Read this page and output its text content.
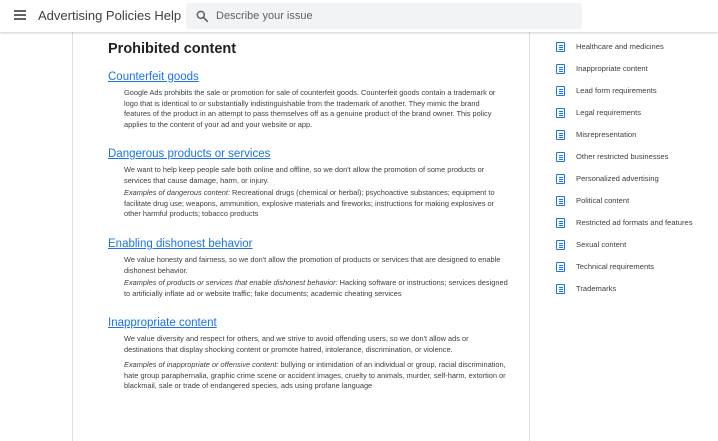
Advertising Policies Help
Describe your issue
Prohibited content
Counterfeit goods

Google Ads prohibits the sale or promotion for sale of counterfeit goods. Counterfeit goods contain a trademark or logo that is identical to or substantially indistinguishable from the trademark of another. They mimic the brand features of the product in an attempt to pass themselves off as a genuine product of the brand owner. This policy applies to the content of your ad and your website or app.

Dangerous products or services

We want to help keep people safe both online and offline, so we don't allow the promotion of some products or services that cause damage, harm, or injury.

Examples of dangerous content: Recreational drugs (chemical or herbal); psychoactive substances; equipment to facilitate drug use; weapons, ammunition, explosive materials and fireworks; instructions for making explosives or other harmful products; tobacco products

Enabling dishonest behavior

We value honesty and fairness, so we don't allow the promotion of products or services that are designed to enable dishonest behavior.

Examples of products or services that enable dishonest behavior: Hacking software or instructions; services designed to artificially inflate ad or website traffic; fake documents; academic cheating services

Inappropriate content

We value diversity and respect for others, and we strive to avoid offending users, so we don't allow ads or destinations that display shocking content or promote hatred, intolerance, discrimination, or violence.

Examples of inappropriate or offensive content: bullying or intimidation of an individual or group, racial discrimination, hate group paraphernalia, graphic crime scene or accident images, cruelty to animals, murder, self-harm, extortion or blackmail, sale or trade of endangered species, ads using profane language

Healthcare and medicines
Inappropriate content
Lead form requirements
Legal requirements
Misrepresentation
Other restricted businesses
Personalized advertising
Political content
Restricted ad formats and features
Sexual content
Technical requirements
Trademarks
